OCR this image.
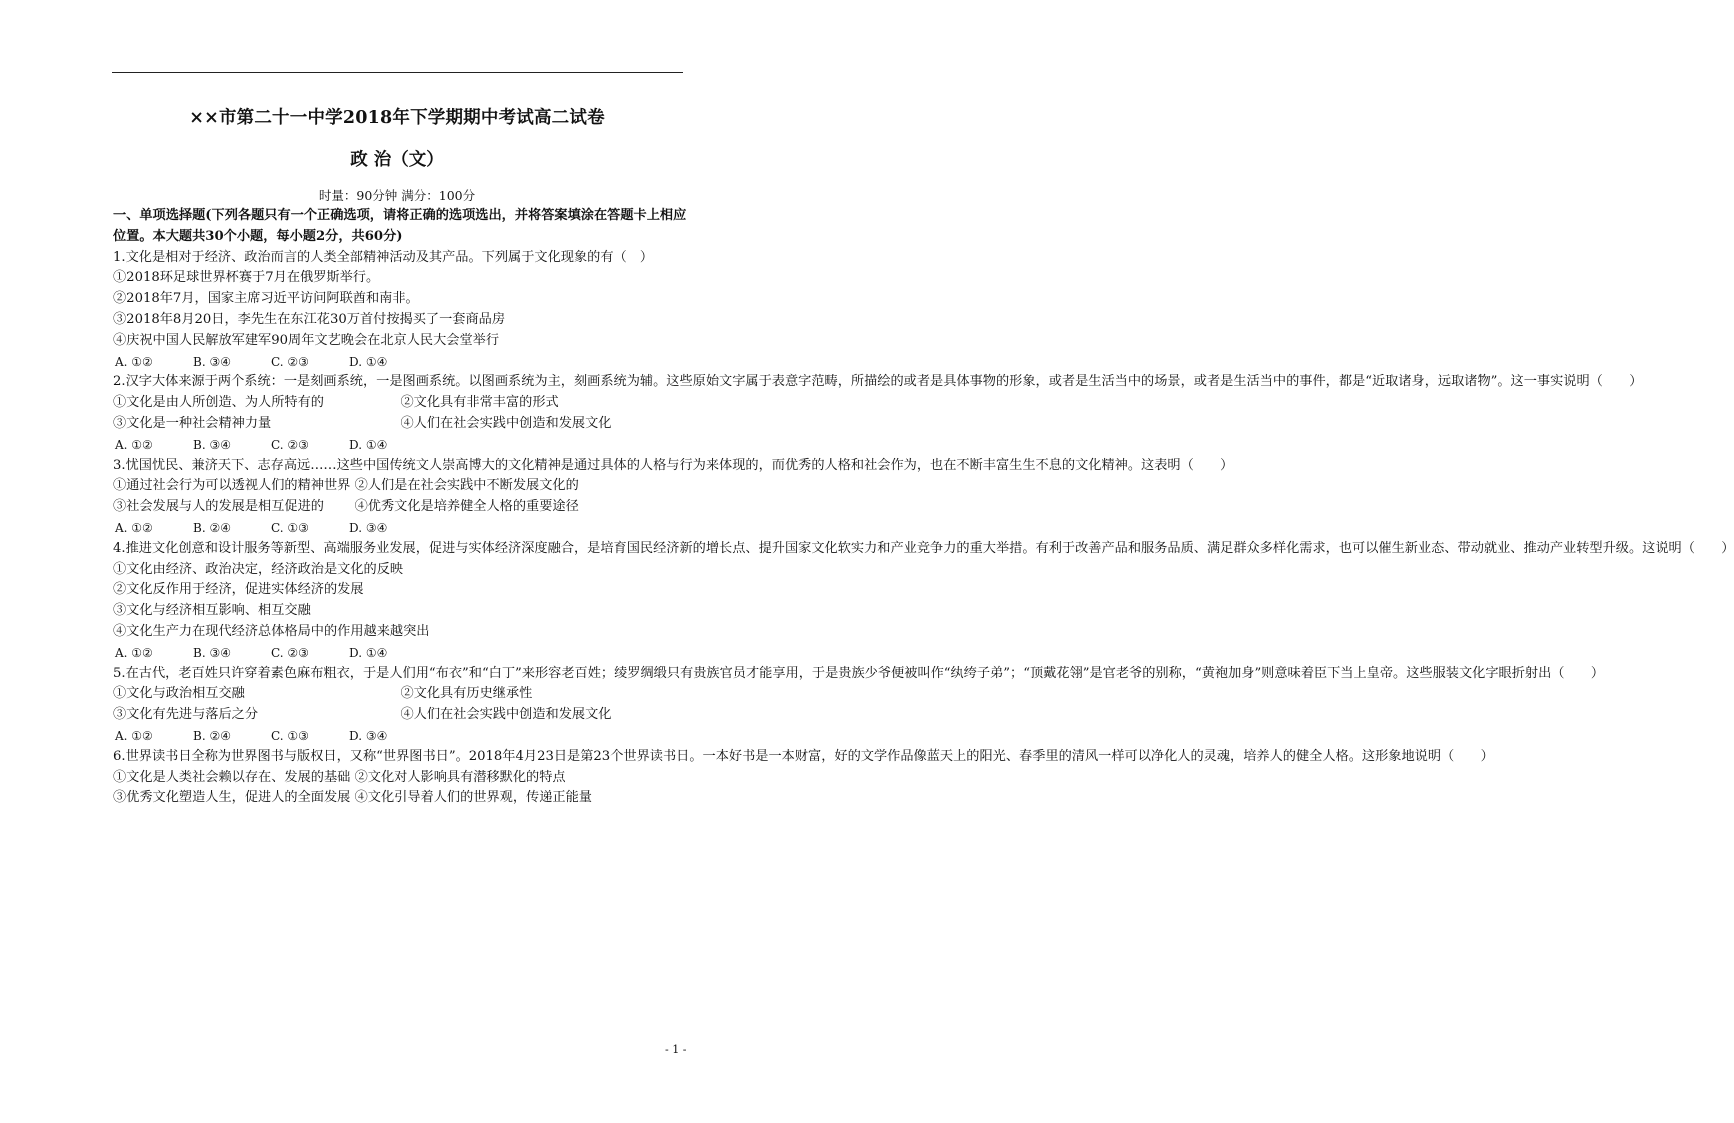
××市第二十一中学2018年下学期期中考试高二试卷
政 治（文）
时量：90分钟 满分：100分

一、单项选择题(下列各题只有一个正确选项，请将正确的选项选出，并将答案填涂在答题卡上相应位置。本大题共30个小题，每小题2分，共60分)

1.文化是相对于经济、政治而言的人类全部精神活动及其产品。下列属于文化现象的有（　）

①2018环足球世界杯赛于7月在俄罗斯举行。

②2018年7月，国家主席习近平访问阿联酋和南非。

③2018年8月20日，李先生在东江花30万首付按揭买了一套商品房

④庆祝中国人民解放军建军90周年文艺晚会在北京人民大会堂举行

A. ①②	B. ③④	C. ②③	D. ①④

2.汉字大体来源于两个系统：一是刻画系统，一是图画系统。以图画系统为主，刻画系统为辅。这些原始文字属于表意字范畴，所描绘的或者是具体事物的形象，或者是生活当中的场景，或者是生活当中的事件，都是“近取诸身，远取诸物”。这一事实说明（　　）

①文化是由人所创造、为人所特有的	②文化具有非常丰富的形式

③文化是一种社会精神力量	④人们在社会实践中创造和发展文化

A. ①②	B. ③④	C. ②③	D. ①④

3.忧国忧民、兼济天下、志存高远……这些中国传统文人崇高博大的文化精神是通过具体的人格与行为来体现的，而优秀的人格和社会作为，也在不断丰富生生不息的文化精神。这表明（　　）

①通过社会行为可以透视人们的精神世界 ②人们是在社会实践中不断发展文化的

③社会发展与人的发展是相互促进的　　 ④优秀文化是培养健全人格的重要途径

A. ①②	B. ②④	C. ①③	D. ③④

4.推进文化创意和设计服务等新型、高端服务业发展，促进与实体经济深度融合，是培育国民经济新的增长点、提升国家文化软实力和产业竞争力的重大举措。有利于改善产品和服务品质、满足群众多样化需求，也可以催生新业态、带动就业、推动产业转型升级。这说明（　　）

①文化由经济、政治决定，经济政治是文化的反映

②文化反作用于经济，促进实体经济的发展

③文化与经济相互影响、相互交融

④文化生产力在现代经济总体格局中的作用越来越突出

A. ①②	B. ③④	C. ②③	D. ①④

5.在古代，老百姓只许穿着素色麻布粗衣，于是人们用“布衣”和“白丁”来形容老百姓；绫罗绸缎只有贵族官员才能享用，于是贵族少爷便被叫作“纨绔子弟”；“顶戴花翎”是官老爷的别称，“黄袍加身”则意味着臣下当上皇帝。这些服装文化字眼折射出（　　）

①文化与政治相互交融	②文化具有历史继承性

③文化有先进与落后之分	④人们在社会实践中创造和发展文化

A. ①②	B. ②④	C. ①③	D. ③④

6.世界读书日全称为世界图书与版权日，又称“世界图书日”。2018年4月23日是第23个世界读书日。一本好书是一本财富，好的文学作品像蓝天上的阳光、春季里的清风一样可以净化人的灵魂，培养人的健全人格。这形象地说明（　　）

①文化是人类社会赖以存在、发展的基础 ②文化对人影响具有潜移默化的特点

③优秀文化塑造人生，促进人的全面发展 ④文化引导着人们的世界观，传递正能量

- 1 -
